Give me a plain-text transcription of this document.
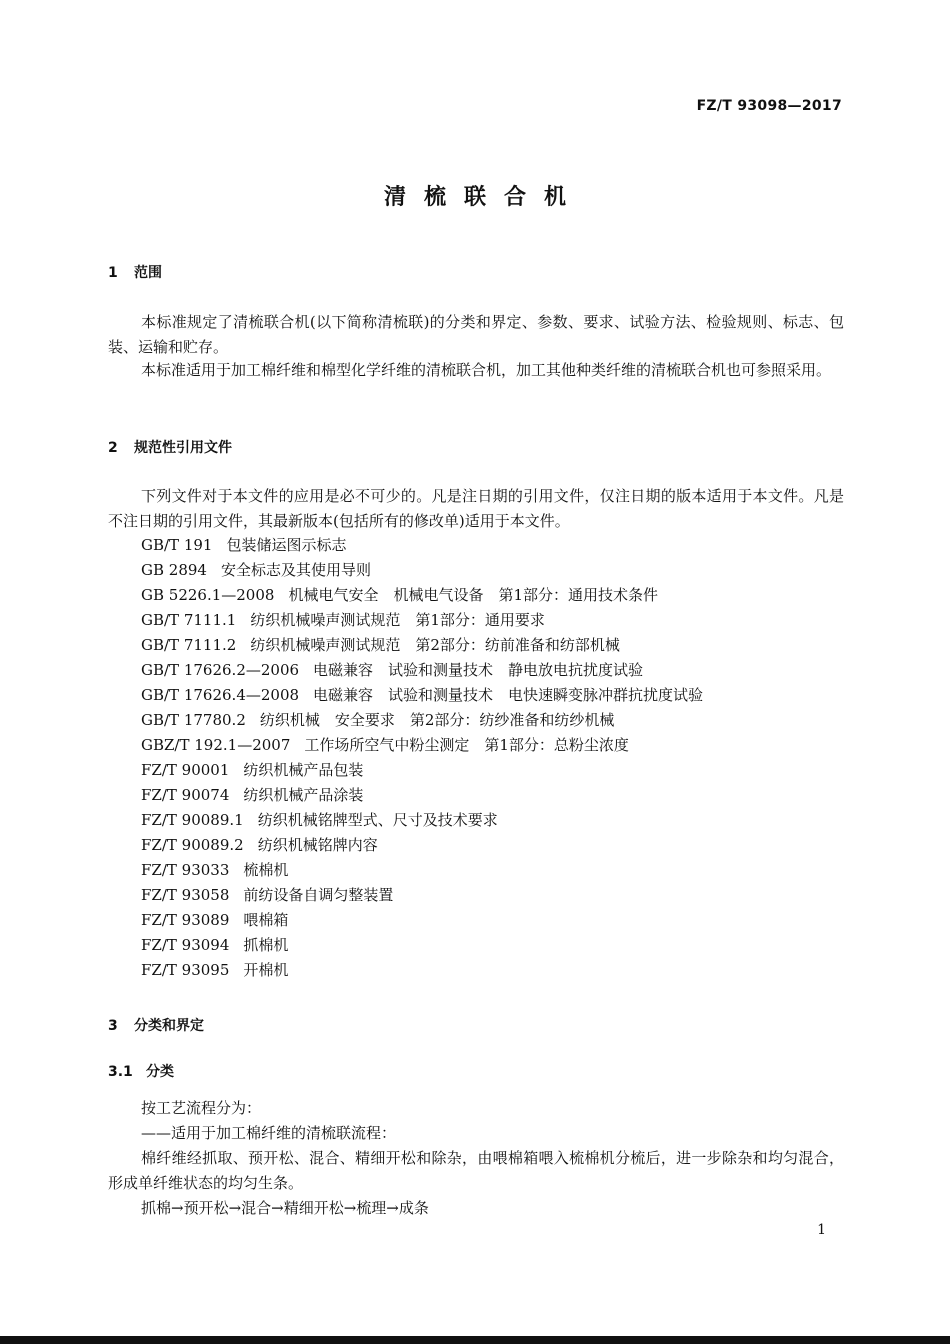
FZ/T 93098—2017
清梳联合机
1 范围
本标准规定了清梳联合机(以下简称清梳联)的分类和界定、参数、要求、试验方法、检验规则、标志、包装、运输和贮存。
本标准适用于加工棉纤维和棉型化学纤维的清梳联合机，加工其他种类纤维的清梳联合机也可参照采用。
2 规范性引用文件
下列文件对于本文件的应用是必不可少的。凡是注日期的引用文件，仅注日期的版本适用于本文件。凡是不注日期的引用文件，其最新版本(包括所有的修改单)适用于本文件。
GB/T 191 包装储运图示标志
GB 2894 安全标志及其使用导则
GB 5226.1—2008 机械电气安全　机械电气设备　第1部分：通用技术条件
GB/T 7111.1 纺织机械噪声测试规范　第1部分：通用要求
GB/T 7111.2 纺织机械噪声测试规范　第2部分：纺前准备和纺部机械
GB/T 17626.2—2006 电磁兼容　试验和测量技术　静电放电抗扰度试验
GB/T 17626.4—2008 电磁兼容　试验和测量技术　电快速瞬变脉冲群抗扰度试验
GB/T 17780.2 纺织机械　安全要求　第2部分：纺纱准备和纺纱机械
GBZ/T 192.1—2007 工作场所空气中粉尘测定　第1部分：总粉尘浓度
FZ/T 90001 纺织机械产品包装
FZ/T 90074 纺织机械产品涂装
FZ/T 90089.1 纺织机械铭牌型式、尺寸及技术要求
FZ/T 90089.2 纺织机械铭牌内容
FZ/T 93033 梳棉机
FZ/T 93058 前纺设备自调匀整装置
FZ/T 93089 喂棉箱
FZ/T 93094 抓棉机
FZ/T 93095 开棉机
3 分类和界定
3.1 分类
按工艺流程分为：
——适用于加工棉纤维的清梳联流程：
棉纤维经抓取、预开松、混合、精细开松和除杂，由喂棉箱喂入梳棉机分梳后，进一步除杂和均匀混合，形成单纤维状态的均匀生条。
抓棉→预开松→混合→精细开松→梳理→成条
1
